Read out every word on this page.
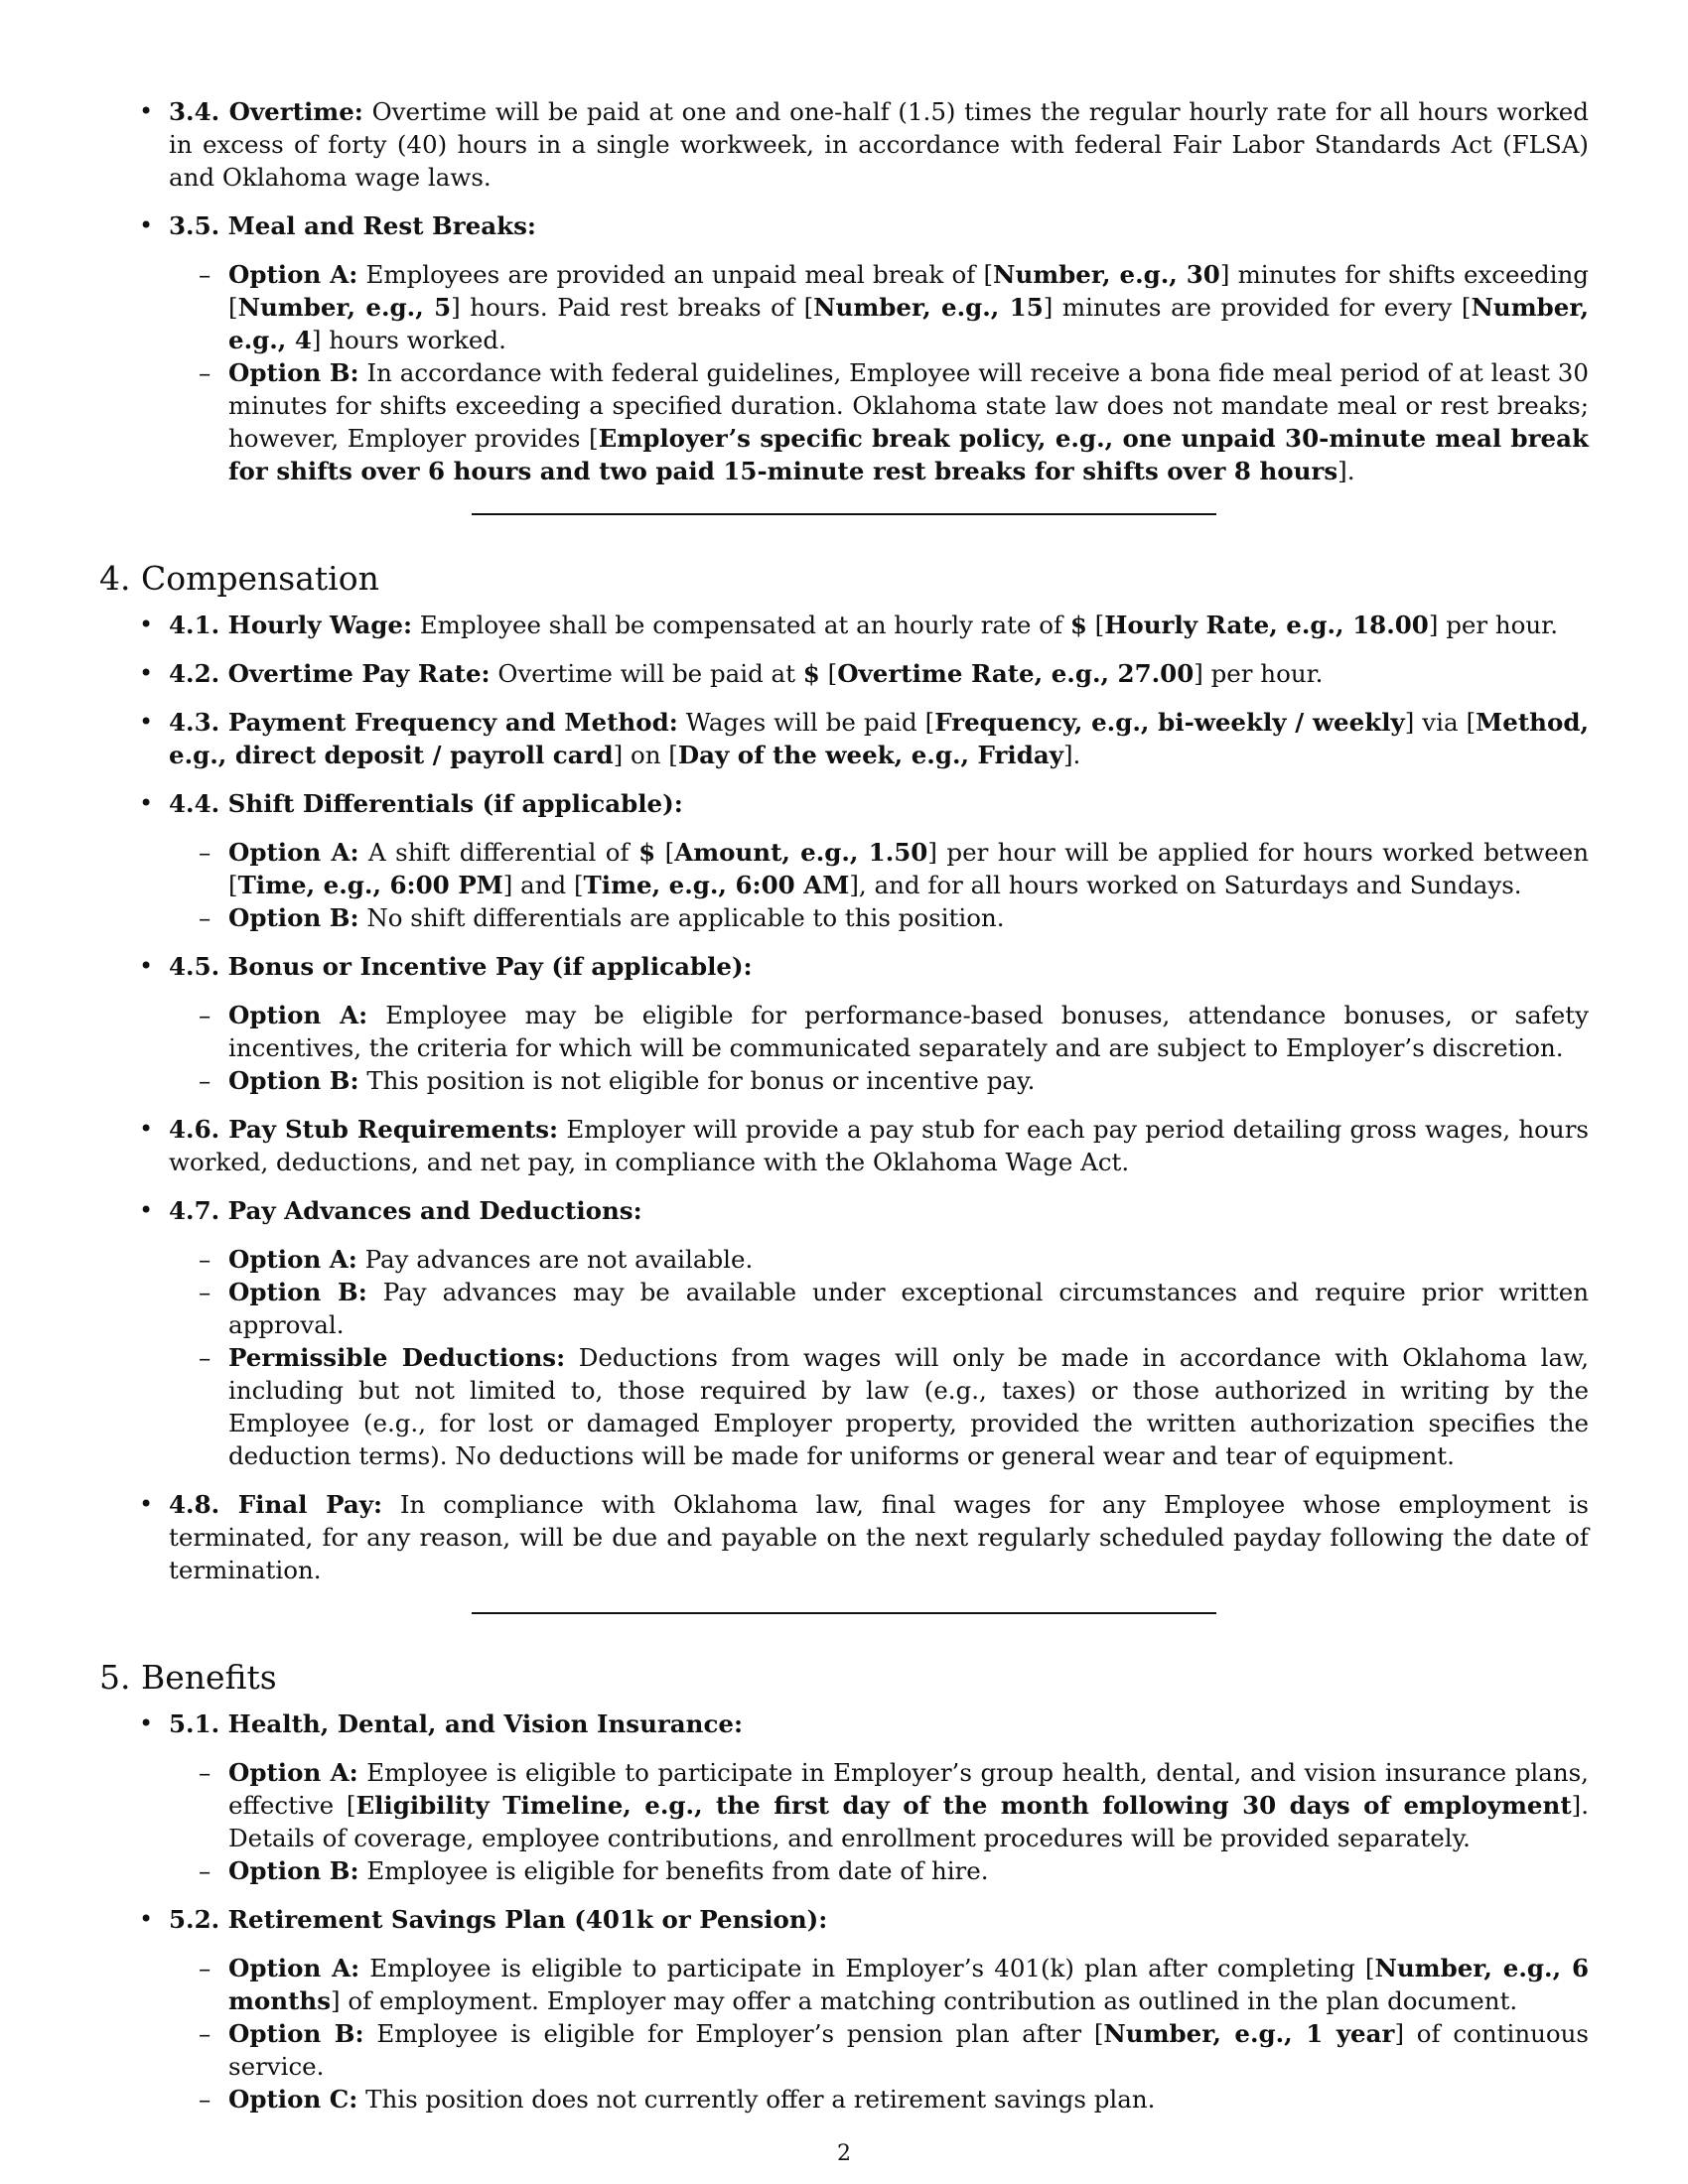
• 3.4. Overtime: Overtime will be paid at one and one-half (1.5) times the regular hourly rate for all hours worked in excess of forty (40) hours in a single workweek, in accordance with federal Fair Labor Standards Act (FLSA) and Oklahoma wage laws.
• 3.5. Meal and Rest Breaks:
– Option A: Employees are provided an unpaid meal break of [Number, e.g., 30] minutes for shifts exceeding [Number, e.g., 5] hours. Paid rest breaks of [Number, e.g., 15] minutes are provided for every [Number, e.g., 4] hours worked.
– Option B: In accordance with federal guidelines, Employee will receive a bona fide meal period of at least 30 minutes for shifts exceeding a specified duration. Oklahoma state law does not mandate meal or rest breaks; however, Employer provides [Employer’s specific break policy, e.g., one unpaid 30-minute meal break for shifts over 6 hours and two paid 15-minute rest breaks for shifts over 8 hours].
4. Compensation
• 4.1. Hourly Wage: Employee shall be compensated at an hourly rate of $ [Hourly Rate, e.g., 18.00] per hour.
• 4.2. Overtime Pay Rate: Overtime will be paid at $ [Overtime Rate, e.g., 27.00] per hour.
• 4.3. Payment Frequency and Method: Wages will be paid [Frequency, e.g., bi-weekly / weekly] via [Method, e.g., direct deposit / payroll card] on [Day of the week, e.g., Friday].
• 4.4. Shift Differentials (if applicable):
– Option A: A shift differential of $ [Amount, e.g., 1.50] per hour will be applied for hours worked between [Time, e.g., 6:00 PM] and [Time, e.g., 6:00 AM], and for all hours worked on Saturdays and Sundays.
– Option B: No shift differentials are applicable to this position.
• 4.5. Bonus or Incentive Pay (if applicable):
– Option A: Employee may be eligible for performance-based bonuses, attendance bonuses, or safety incentives, the criteria for which will be communicated separately and are subject to Employer’s discretion.
– Option B: This position is not eligible for bonus or incentive pay.
• 4.6. Pay Stub Requirements: Employer will provide a pay stub for each pay period detailing gross wages, hours worked, deductions, and net pay, in compliance with the Oklahoma Wage Act.
• 4.7. Pay Advances and Deductions:
– Option A: Pay advances are not available.
– Option B: Pay advances may be available under exceptional circumstances and require prior written approval.
– Permissible Deductions: Deductions from wages will only be made in accordance with Oklahoma law, including but not limited to, those required by law (e.g., taxes) or those authorized in writing by the Employee (e.g., for lost or damaged Employer property, provided the written authorization specifies the deduction terms). No deductions will be made for uniforms or general wear and tear of equipment.
• 4.8. Final Pay: In compliance with Oklahoma law, final wages for any Employee whose employment is terminated, for any reason, will be due and payable on the next regularly scheduled payday following the date of termination.
5. Benefits
• 5.1. Health, Dental, and Vision Insurance:
– Option A: Employee is eligible to participate in Employer’s group health, dental, and vision insurance plans, effective [Eligibility Timeline, e.g., the first day of the month following 30 days of employment]. Details of coverage, employee contributions, and enrollment procedures will be provided separately.
– Option B: Employee is eligible for benefits from date of hire.
• 5.2. Retirement Savings Plan (401k or Pension):
– Option A: Employee is eligible to participate in Employer’s 401(k) plan after completing [Number, e.g., 6 months] of employment. Employer may offer a matching contribution as outlined in the plan document.
– Option B: Employee is eligible for Employer’s pension plan after [Number, e.g., 1 year] of continuous service.
– Option C: This position does not currently offer a retirement savings plan.
2
